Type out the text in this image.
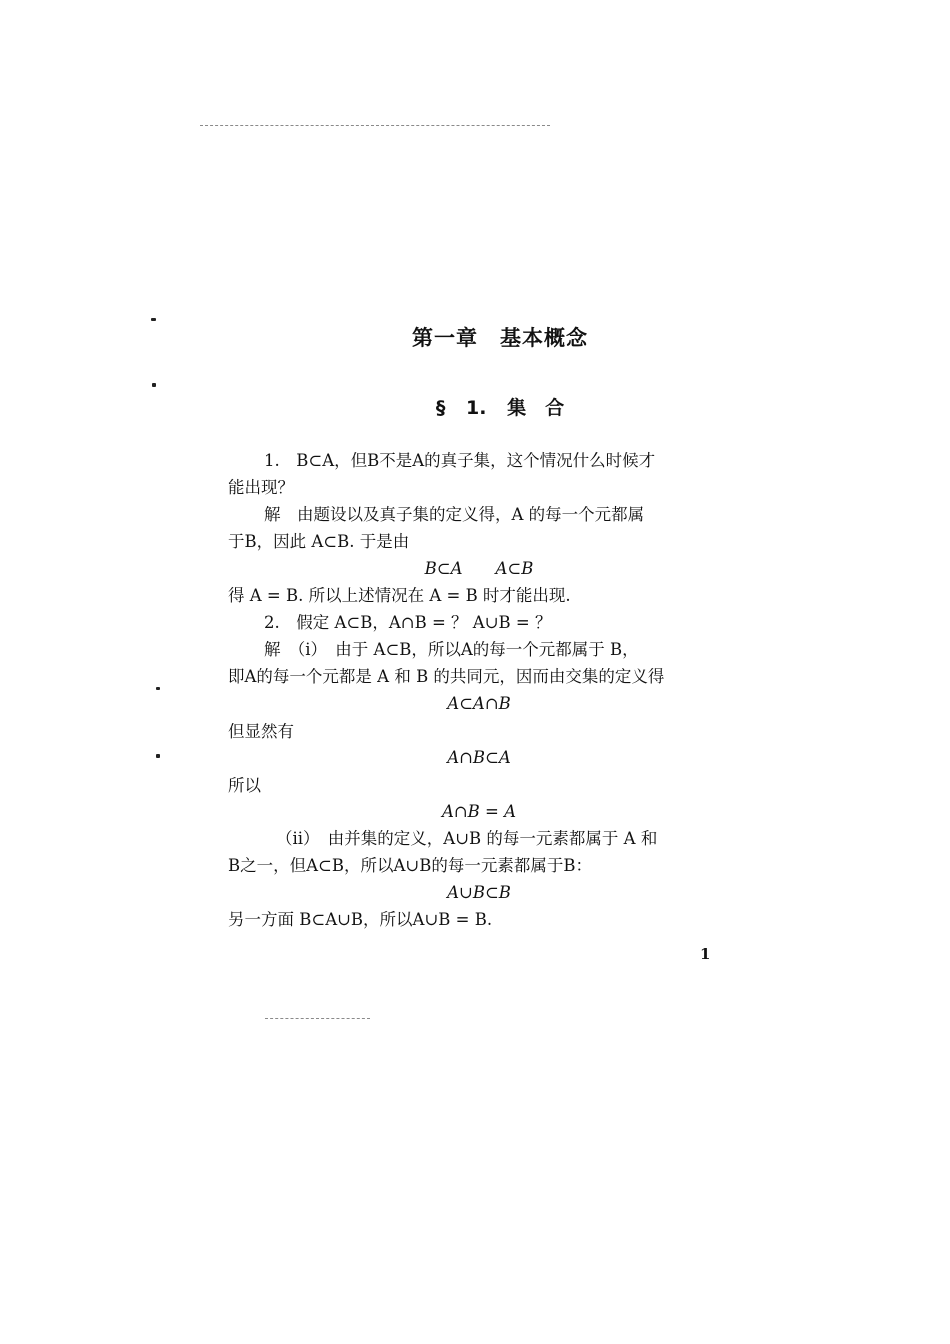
第一章　基本概念
§ 1. 集　合
1.　B⊂A，但B不是A的真子集，这个情况什么时候才
能出现？
解　由题设以及真子集的定义得，A 的每一个元都属
于B，因此 A⊂B. 于是由
B⊂A　　A⊂B
得 A = B. 所以上述情况在 A = B 时才能出现.
2.　假定 A⊂B，A∩B = ？ A∪B = ？
解　（i）　由于 A⊂B，所以A的每一个元都属于 B，
即A的每一个元都是 A 和 B 的共同元，因而由交集的定义得
A⊂A∩B
但显然有
A∩B⊂A
所以
A∩B = A
（ii）　由并集的定义，A∪B 的每一元素都属于 A 和
B之一，但A⊂B，所以A∪B的每一元素都属于B：
A∪B⊂B
另一方面 B⊂A∪B，所以A∪B = B.
1
